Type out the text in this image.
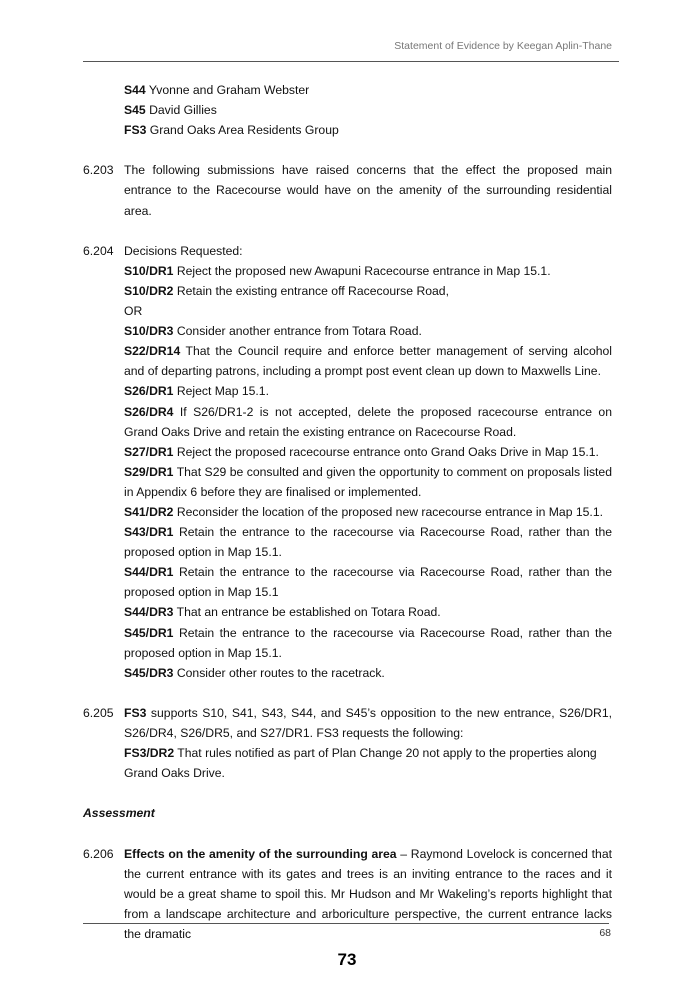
Statement of Evidence by Keegan Aplin-Thane
S44 Yvonne and Graham Webster
S45 David Gillies
FS3 Grand Oaks Area Residents Group
6.203 The following submissions have raised concerns that the effect the proposed main entrance to the Racecourse would have on the amenity of the surrounding residential area.
6.204 Decisions Requested:
S10/DR1 Reject the proposed new Awapuni Racecourse entrance in Map 15.1.
S10/DR2 Retain the existing entrance off Racecourse Road,
OR
S10/DR3 Consider another entrance from Totara Road.
S22/DR14 That the Council require and enforce better management of serving alcohol and of departing patrons, including a prompt post event clean up down to Maxwells Line.
S26/DR1 Reject Map 15.1.
S26/DR4 If S26/DR1-2 is not accepted, delete the proposed racecourse entrance on Grand Oaks Drive and retain the existing entrance on Racecourse Road.
S27/DR1 Reject the proposed racecourse entrance onto Grand Oaks Drive in Map 15.1.
S29/DR1 That S29 be consulted and given the opportunity to comment on proposals listed in Appendix 6 before they are finalised or implemented.
S41/DR2 Reconsider the location of the proposed new racecourse entrance in Map 15.1.
S43/DR1 Retain the entrance to the racecourse via Racecourse Road, rather than the proposed option in Map 15.1.
S44/DR1 Retain the entrance to the racecourse via Racecourse Road, rather than the proposed option in Map 15.1
S44/DR3 That an entrance be established on Totara Road.
S45/DR1 Retain the entrance to the racecourse via Racecourse Road, rather than the proposed option in Map 15.1.
S45/DR3 Consider other routes to the racetrack.
6.205 FS3 supports S10, S41, S43, S44, and S45’s opposition to the new entrance, S26/DR1, S26/DR4, S26/DR5, and S27/DR1. FS3 requests the following:
FS3/DR2 That rules notified as part of Plan Change 20 not apply to the properties along
Grand Oaks Drive.
Assessment
6.206 Effects on the amenity of the surrounding area – Raymond Lovelock is concerned that the current entrance with its gates and trees is an inviting entrance to the races and it would be a great shame to spoil this. Mr Hudson and Mr Wakeling’s reports highlight that from a landscape architecture and arboriculture perspective, the current entrance lacks the dramatic	68
73
